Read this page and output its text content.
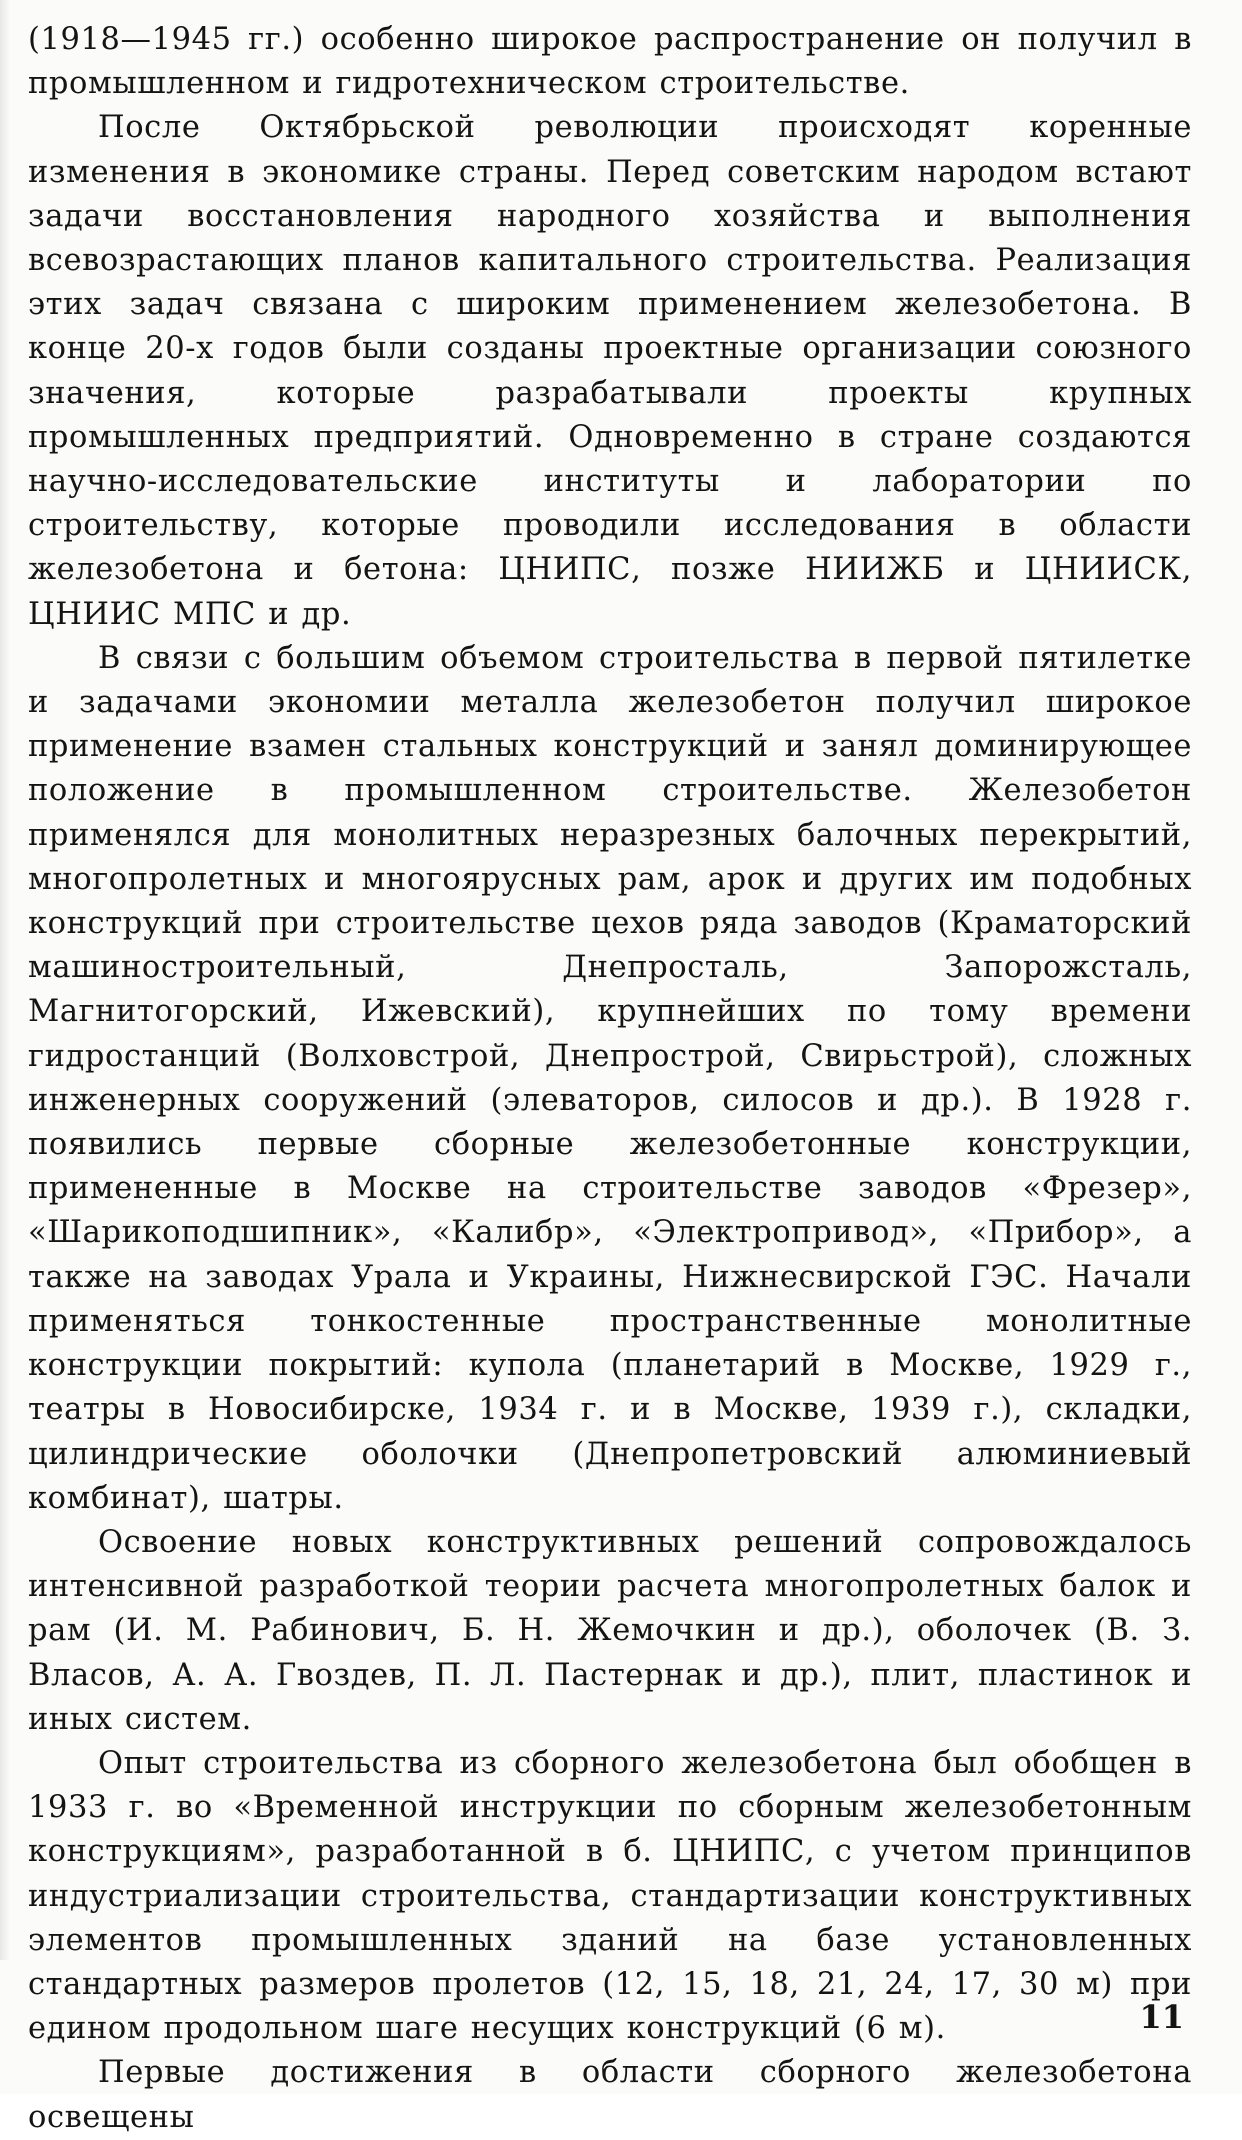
(1918—1945 гг.) особенно широкое распространение он получил в промышленном и гидротехническом строительстве.

После Октябрьской революции происходят коренные изменения в экономике страны. Перед советским народом встают задачи восстановления народного хозяйства и выполнения всевозрастающих планов капитального строительства. Реализация этих задач связана с широким применением железобетона. В конце 20-х годов были созданы проектные организации союзного значения, которые разрабатывали проекты крупных промышленных предприятий. Одновременно в стране создаются научно-исследовательские институты и лаборатории по строительству, которые проводили исследования в области железобетона и бетона: ЦНИПС, позже НИИЖБ и ЦНИИСК, ЦНИИС МПС и др.

В связи с большим объемом строительства в первой пятилетке и задачами экономии металла железобетон получил широкое применение взамен стальных конструкций и занял доминирующее положение в промышленном строительстве. Железобетон применялся для монолитных неразрезных балочных перекрытий, многопролетных и многоярусных рам, арок и других им подобных конструкций при строительстве цехов ряда заводов (Краматорский машиностроительный, Днепросталь, Запорожсталь, Магнитогорский, Ижевский), крупнейших по тому времени гидростанций (Волховстрой, Днепрострой, Свирьстрой), сложных инженерных сооружений (элеваторов, силосов и др.). В 1928 г. появились первые сборные железобетонные конструкции, примененные в Москве на строительстве заводов «Фрезер», «Шарикоподшипник», «Калибр», «Электропривод», «Прибор», а также на заводах Урала и Украины, Нижнесвирской ГЭС. Начали применяться тонкостенные пространственные монолитные конструкции покрытий: купола (планетарий в Москве, 1929 г., театры в Новосибирске, 1934 г. и в Москве, 1939 г.), складки, цилиндрические оболочки (Днепропетровский алюминиевый комбинат), шатры.

Освоение новых конструктивных решений сопровождалось интенсивной разработкой теории расчета многопролетных балок и рам (И. М. Рабинович, Б. Н. Жемочкин и др.), оболочек (В. З. Власов, А. А. Гвоздев, П. Л. Пастернак и др.), плит, пластинок и иных систем.

Опыт строительства из сборного железобетона был обобщен в 1933 г. во «Временной инструкции по сборным железобетонным конструкциям», разработанной в б. ЦНИПС, с учетом принципов индустриализации строительства, стандартизации конструктивных элементов промышленных зданий на базе установленных стандартных размеров пролетов (12, 15, 18, 21, 24, 17, 30 м) при едином продольном шаге несущих конструкций (6 м).

Первые достижения в области сборного железобетона освещены

11
